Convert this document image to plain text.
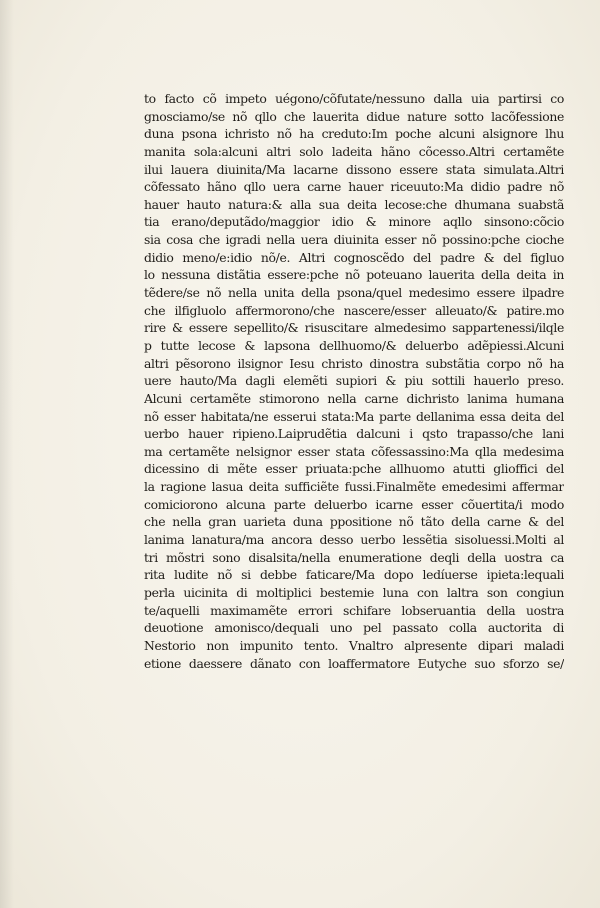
to facto cõ impeto uégono/cõfutate/nessuno dalla uia partirsi co
gnosciamo/se nõ qllo che lauerita didue nature sotto lacõfessione
duna psona ichristo nõ ha creduto:Im poche alcuni alsignore lhu
manita sola:alcuni altri solo ladeita hãno cõcesso.Altri certamẽte
ilui lauera diuinita/Ma lacarne dissono essere stata simulata.Altri
cõfessato hãno qllo uera carne hauer riceuuto:Ma didio padre nõ
hauer hauto natura:& alla sua deita lecose:che dhumana suabstã
tia erano/deputãdo/maggior idio & minore aqllo sinsono:cõcio
sia cosa che igradi nella uera diuinita esser nõ possino:pche cioche
didio meno/e:idio nõ/e. Altri cognoscẽdo del padre & del figluo
lo nessuna distãtia essere:pche nõ poteuano lauerita della deita in
tẽdere/se nõ nella unita della psona/quel medesimo essere ilpadre
che ilfigluolo affermorono/che nascere/esser alleuato/& patire.mo
rire & essere sepellito/& risuscitare almedesimo sappartenessi/ilqle
p tutte lecose & lapsona dellhuomo/& deluerbo adẽpiessi.Alcuni
altri pẽsorono ilsignor Iesu christo dinostra substãtia corpo nõ ha
uere hauto/Ma dagli elemẽti supiori & piu sottili hauerlo preso.
Alcuni certamẽte stimorono nella carne dichristo lanima humana
nõ esser habitata/ne esserui stata:Ma parte dellanima essa deita del
uerbo hauer ripieno.Laiprudẽtia dalcuni i qsto trapasso/che lani
ma certamẽte nelsignor esser stata cõfessassino:Ma qlla medesima
dicessino di mẽte esser priuata:pche allhuomo atutti glioffici del
la ragione lasua deita sufficiẽte fussi.Finalmẽte emedesimi affermar
comiciorono alcuna parte deluerbo icarne esser cõuertita/i modo
che nella gran uarieta duna ppositione nõ tãto della carne & del
lanima lanatura/ma ancora desso uerbo lessẽtia sisoluessi.Molti al
tri mõstri sono disalsita/nella enumeratione deqli della uostra ca
rita ludite nõ si debbe faticare/Ma dopo ledíuerse ipieta:lequali
perla uicinita di moltiplici bestemie luna con laltra son congiun
te/aquelli maximamẽte errori schifare lobseruantia della uostra
deuotione amonisco/dequali uno pel passato colla auctorita di
Nestorio non impunito tento. Vnaltro alpresente dipari maladi
etione daessere dãnato con loaffermatore Eutyche suo sforzo se/
